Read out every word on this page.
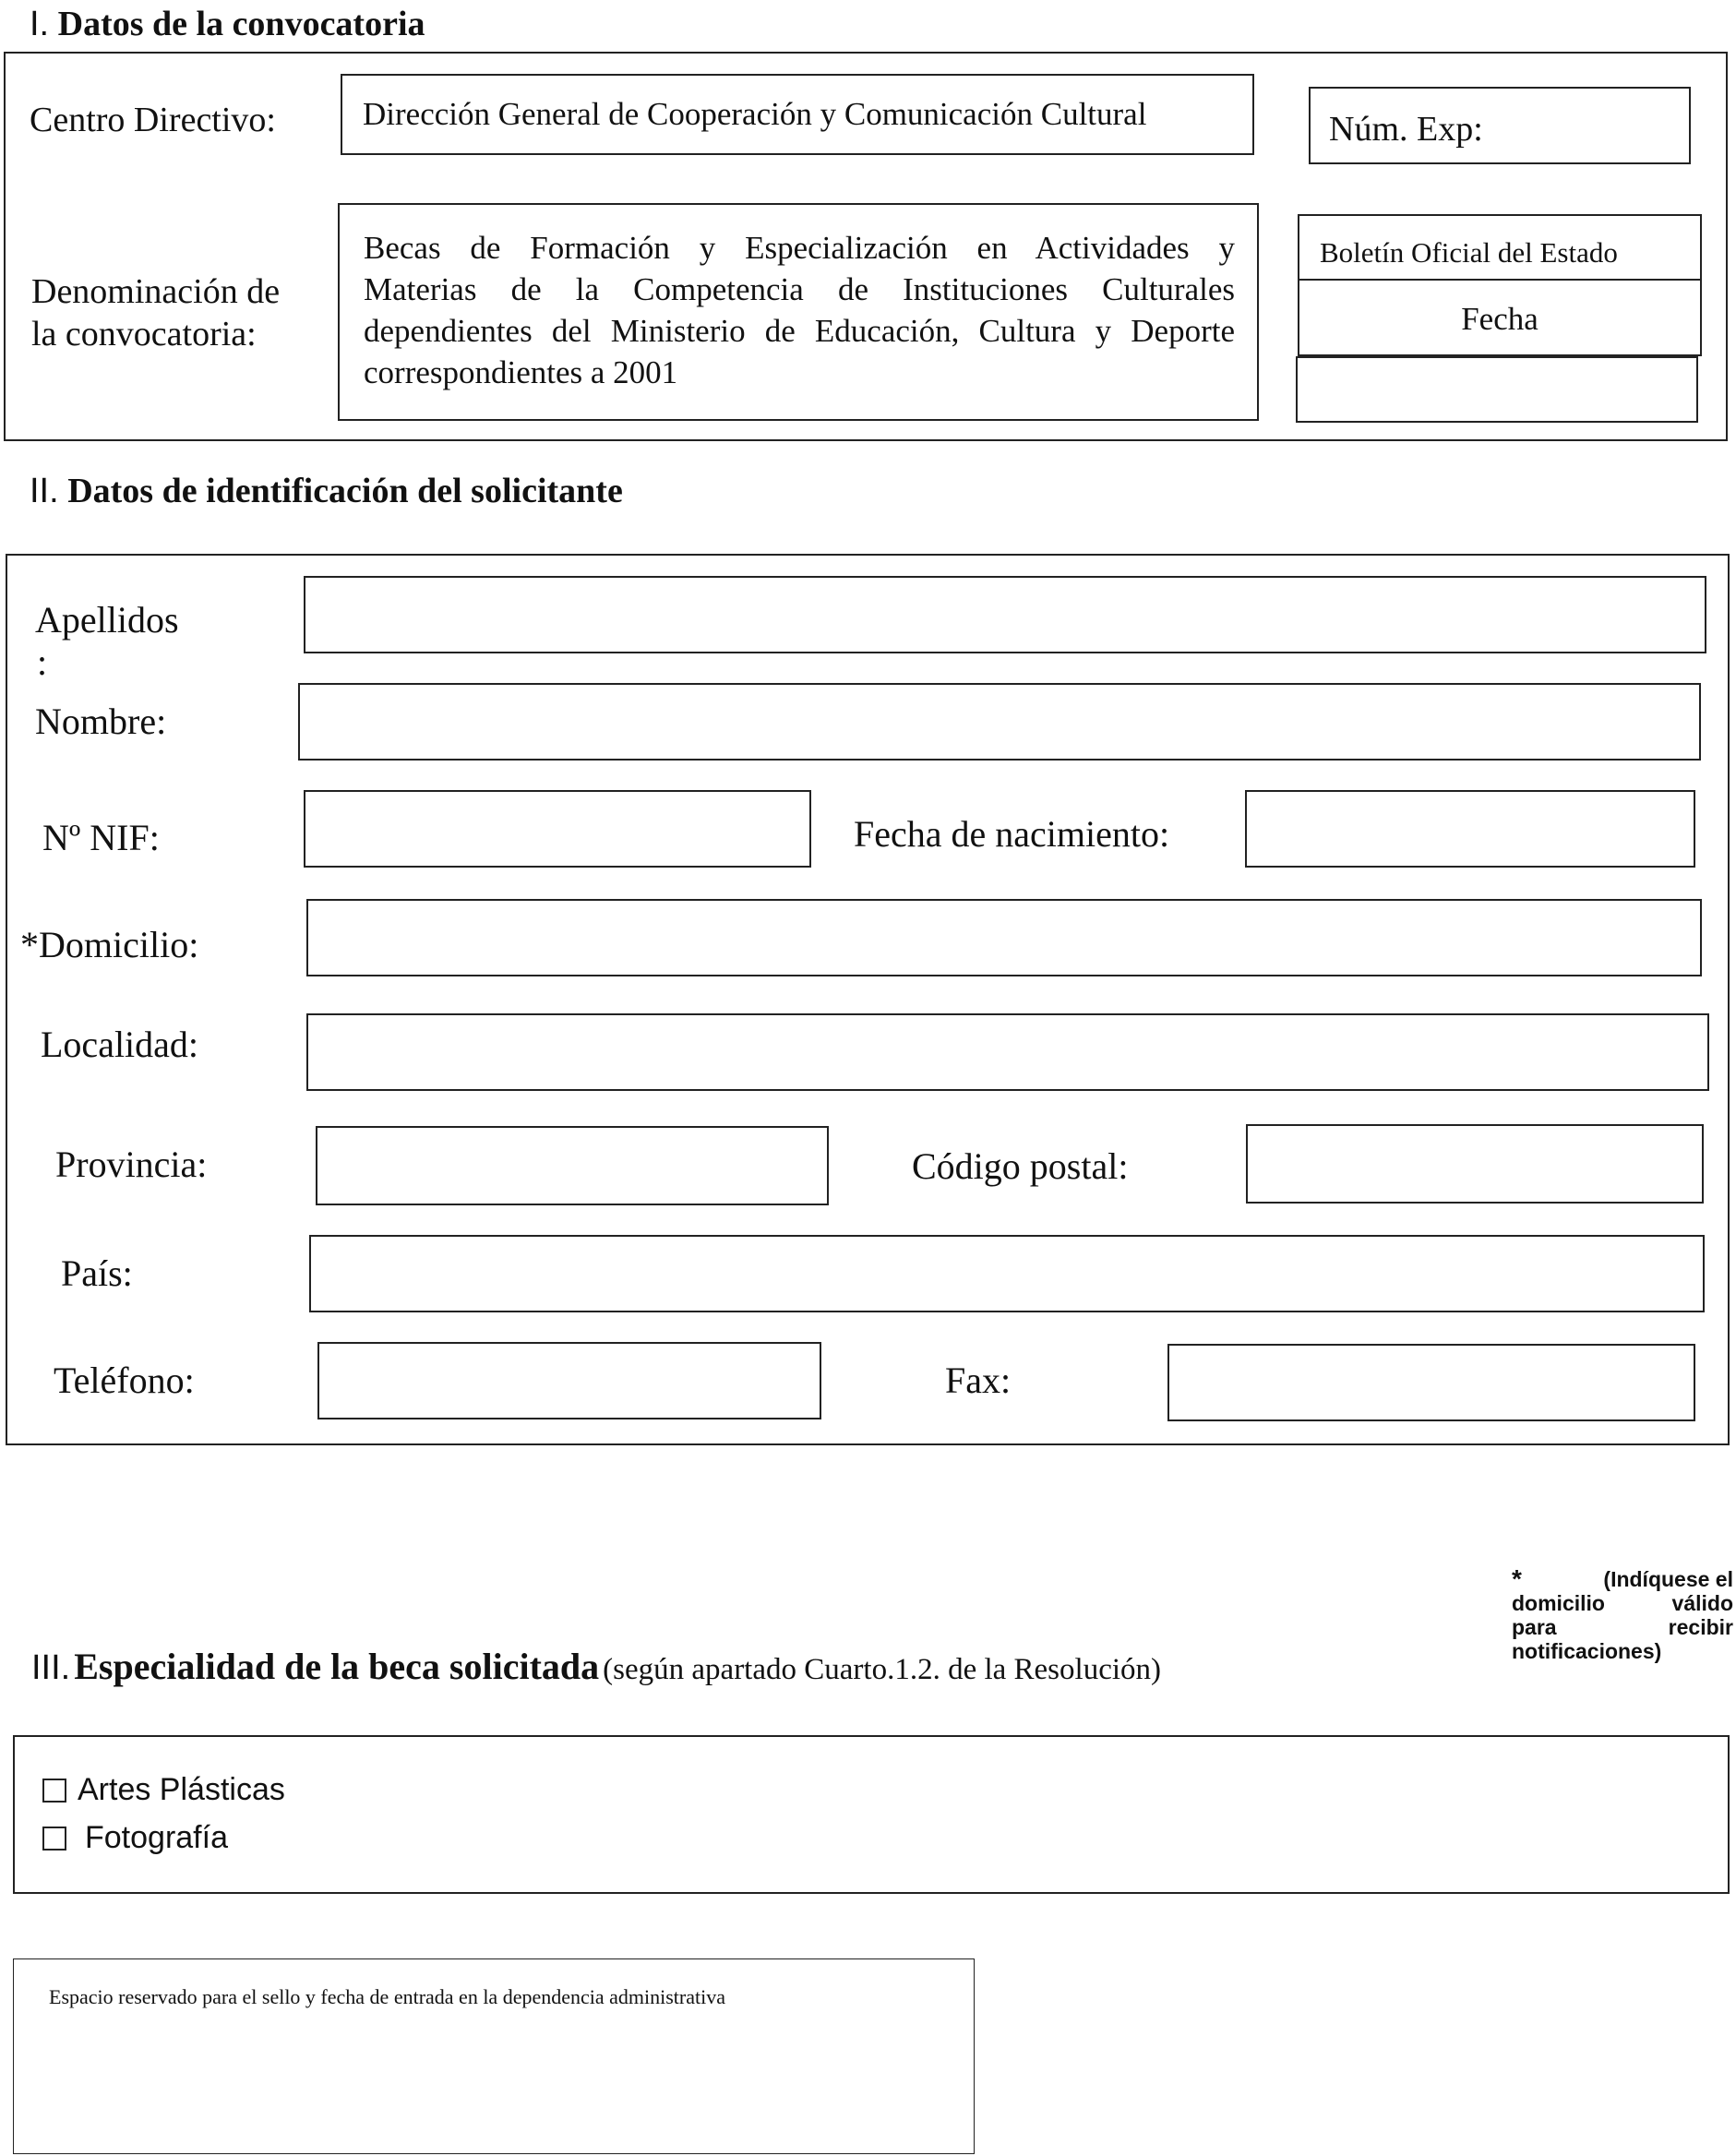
I. Datos de la convocatoria
Centro Directivo:	Dirección General de Cooperación y Comunicación Cultural	Núm. Exp:
Denominación de
la convocatoria:
Becas de Formación y Especialización en Actividades y
Materias de la Competencia de Instituciones Culturales
dependientes del Ministerio de Educación, Cultura y Deporte
correspondientes a 2001
Boletín Oficial del Estado
Fecha
II. Datos de identificación del solicitante
Apellidos
:
Nombre:
Nº NIF:	Fecha de nacimiento:
*Domicilio:
Localidad:
Provincia:	Código postal:
País:
Teléfono:	Fax:
*	(Indíquese el
domicilio válido
para recibir
notificaciones)
III. Especialidad de la beca solicitada (según apartado Cuarto.1.2. de la Resolución)
Artes Plásticas
Fotografía
Espacio reservado para el sello y fecha de entrada en la dependencia administrativa
